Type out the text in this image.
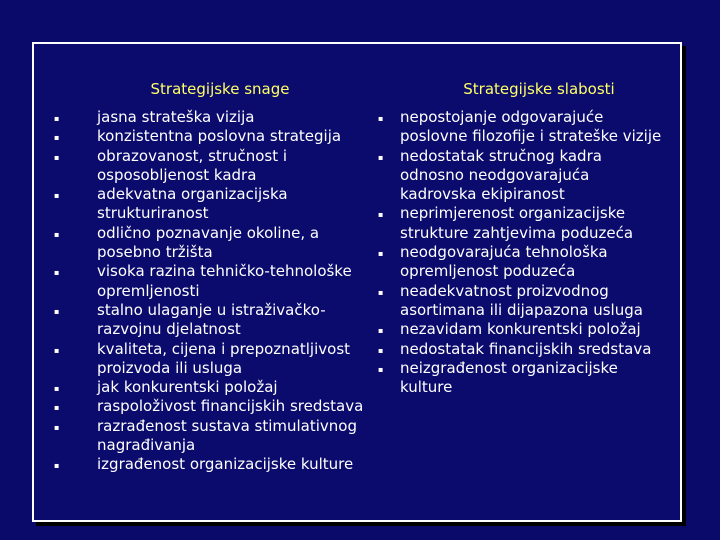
Strategijske snage
▪	jasna strateška vizija
▪	konzistentna poslovna strategija
▪	obrazovanost, stručnost i osposobljenost kadra
▪	adekvatna organizacijska strukturiranost
▪	odlično poznavanje okoline, a posebno tržišta
▪	visoka razina tehničko-tehnološke opremljenosti
▪	stalno ulaganje u istraživačko-razvojnu djelatnost
▪	kvaliteta, cijena i prepoznatljivost proizvoda ili usluga
▪	jak konkurentski položaj
▪	raspoloživost financijskih sredstava
▪	razrađenost sustava stimulativnog nagrađivanja
▪	izgrađenost organizacijske kulture
Strategijske slabosti
▪ nepostojanje odgovarajuće poslovne filozofije i strateške vizije
▪ nedostatak stručnog kadra odnosno neodgovarajuća kadrovska ekipiranost
▪ neprimjerenost organizacijske strukture zahtjevima poduzeća
▪ neodgovarajuća tehnološka opremljenost poduzeća
▪ neadekvatnost proizvodnog asortimana ili dijapazona usluga
▪ nezavidam konkurentski položaj
▪ nedostatak financijskih sredstava
▪ neizgrađenost organizacijske kulture
